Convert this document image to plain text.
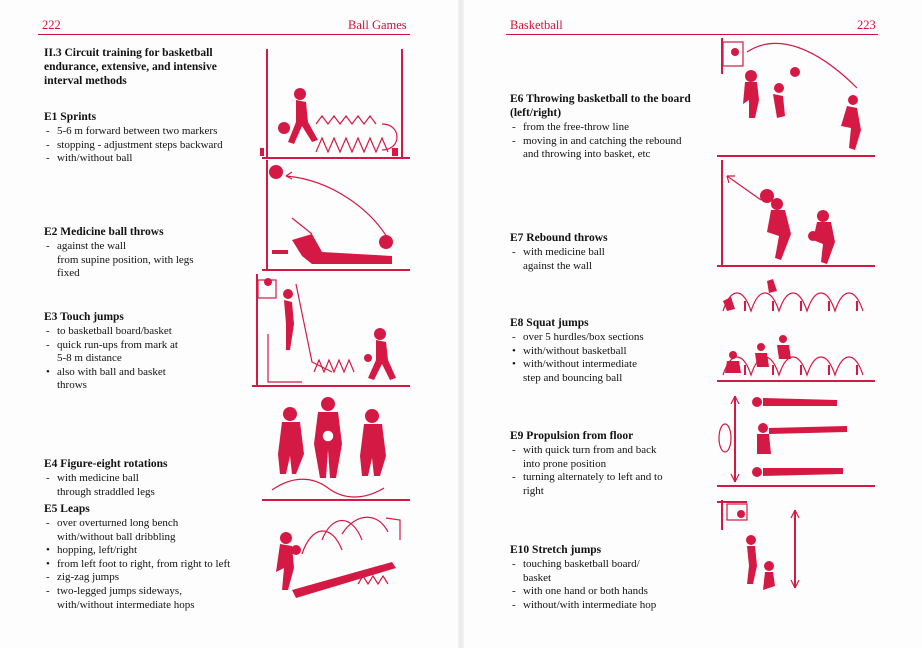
222	Ball Games
II.3 Circuit training for basketball endurance, extensive, and intensive interval methods
E1 Sprints
- 5-6 m forward between two markers
- stopping - adjustment steps backward
- with/without ball
E2 Medicine ball throws
- against the wall
from supine position, with legs
fixed
E3 Touch jumps
- to basketball board/basket
- quick run-ups from mark at
5-8 m distance
• also with ball and basket
throws
E4 Figure-eight rotations
- with medicine ball
through straddled legs
E5 Leaps
- over overturned long bench
with/without ball dribbling
• hopping, left/right
• from left foot to right, from right to left
- zig-zag jumps
- two-legged jumps sideways,
with/without intermediate hops
Basketball	223
E6 Throwing basketball to the board (left/right)
- from the free-throw line
- moving in and catching the rebound
and throwing into basket, etc
E7 Rebound throws
- with medicine ball
against the wall
E8 Squat jumps
- over 5 hurdles/box sections
• with/without basketball
• with/without intermediate
step and bouncing ball
E9 Propulsion from floor
- with quick turn from and back
into prone position
- turning alternately to left and to
right
E10 Stretch jumps
- touching basketball board/
basket
- with one hand or both hands
- without/with intermediate hop
